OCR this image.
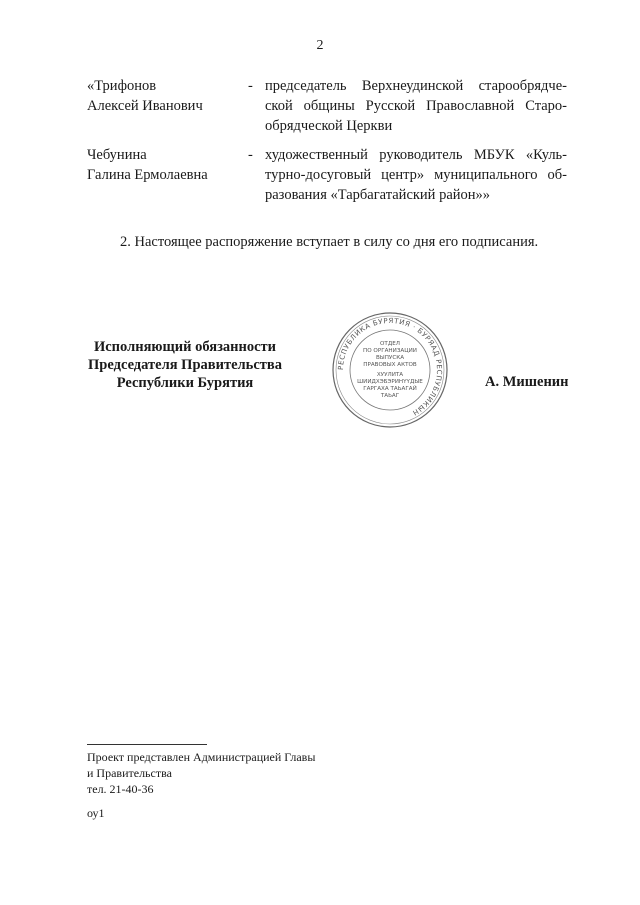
2
«Трифонов
Алексей Иванович
- председатель Верхнеудинской старообрядче-
ской общины Русской Православной Старо-
обрядческой Церкви
Чебунина
Галина Ермолаевна
- художественный руководитель МБУК «Куль-
турно-досуговый центр» муниципального об-
разования «Тарбагатайский район»»
2. Настоящее распоряжение вступает в силу со дня его подписания.
Исполняющий обязанности
Председателя Правительства
Республики Бурятия
РЕСПУБЛИКА БУРЯТИЯ · БУРЯАД РЕСПУБЛИКЫН
ОТДЕЛ
ПО ОРГАНИЗАЦИИ
ВЫПУСКА
ПРАВОВЫХ АКТОВ
ХУУЛИТА
ШИИДХЭБЭРИНҮҮДЫЕ
ГАРГАХА ТАЬАГАЙ
ТАЬАГ
А. Мишенин
Проект представлен Администрацией Главы
и Правительства
тел. 21-40-36
оу1
